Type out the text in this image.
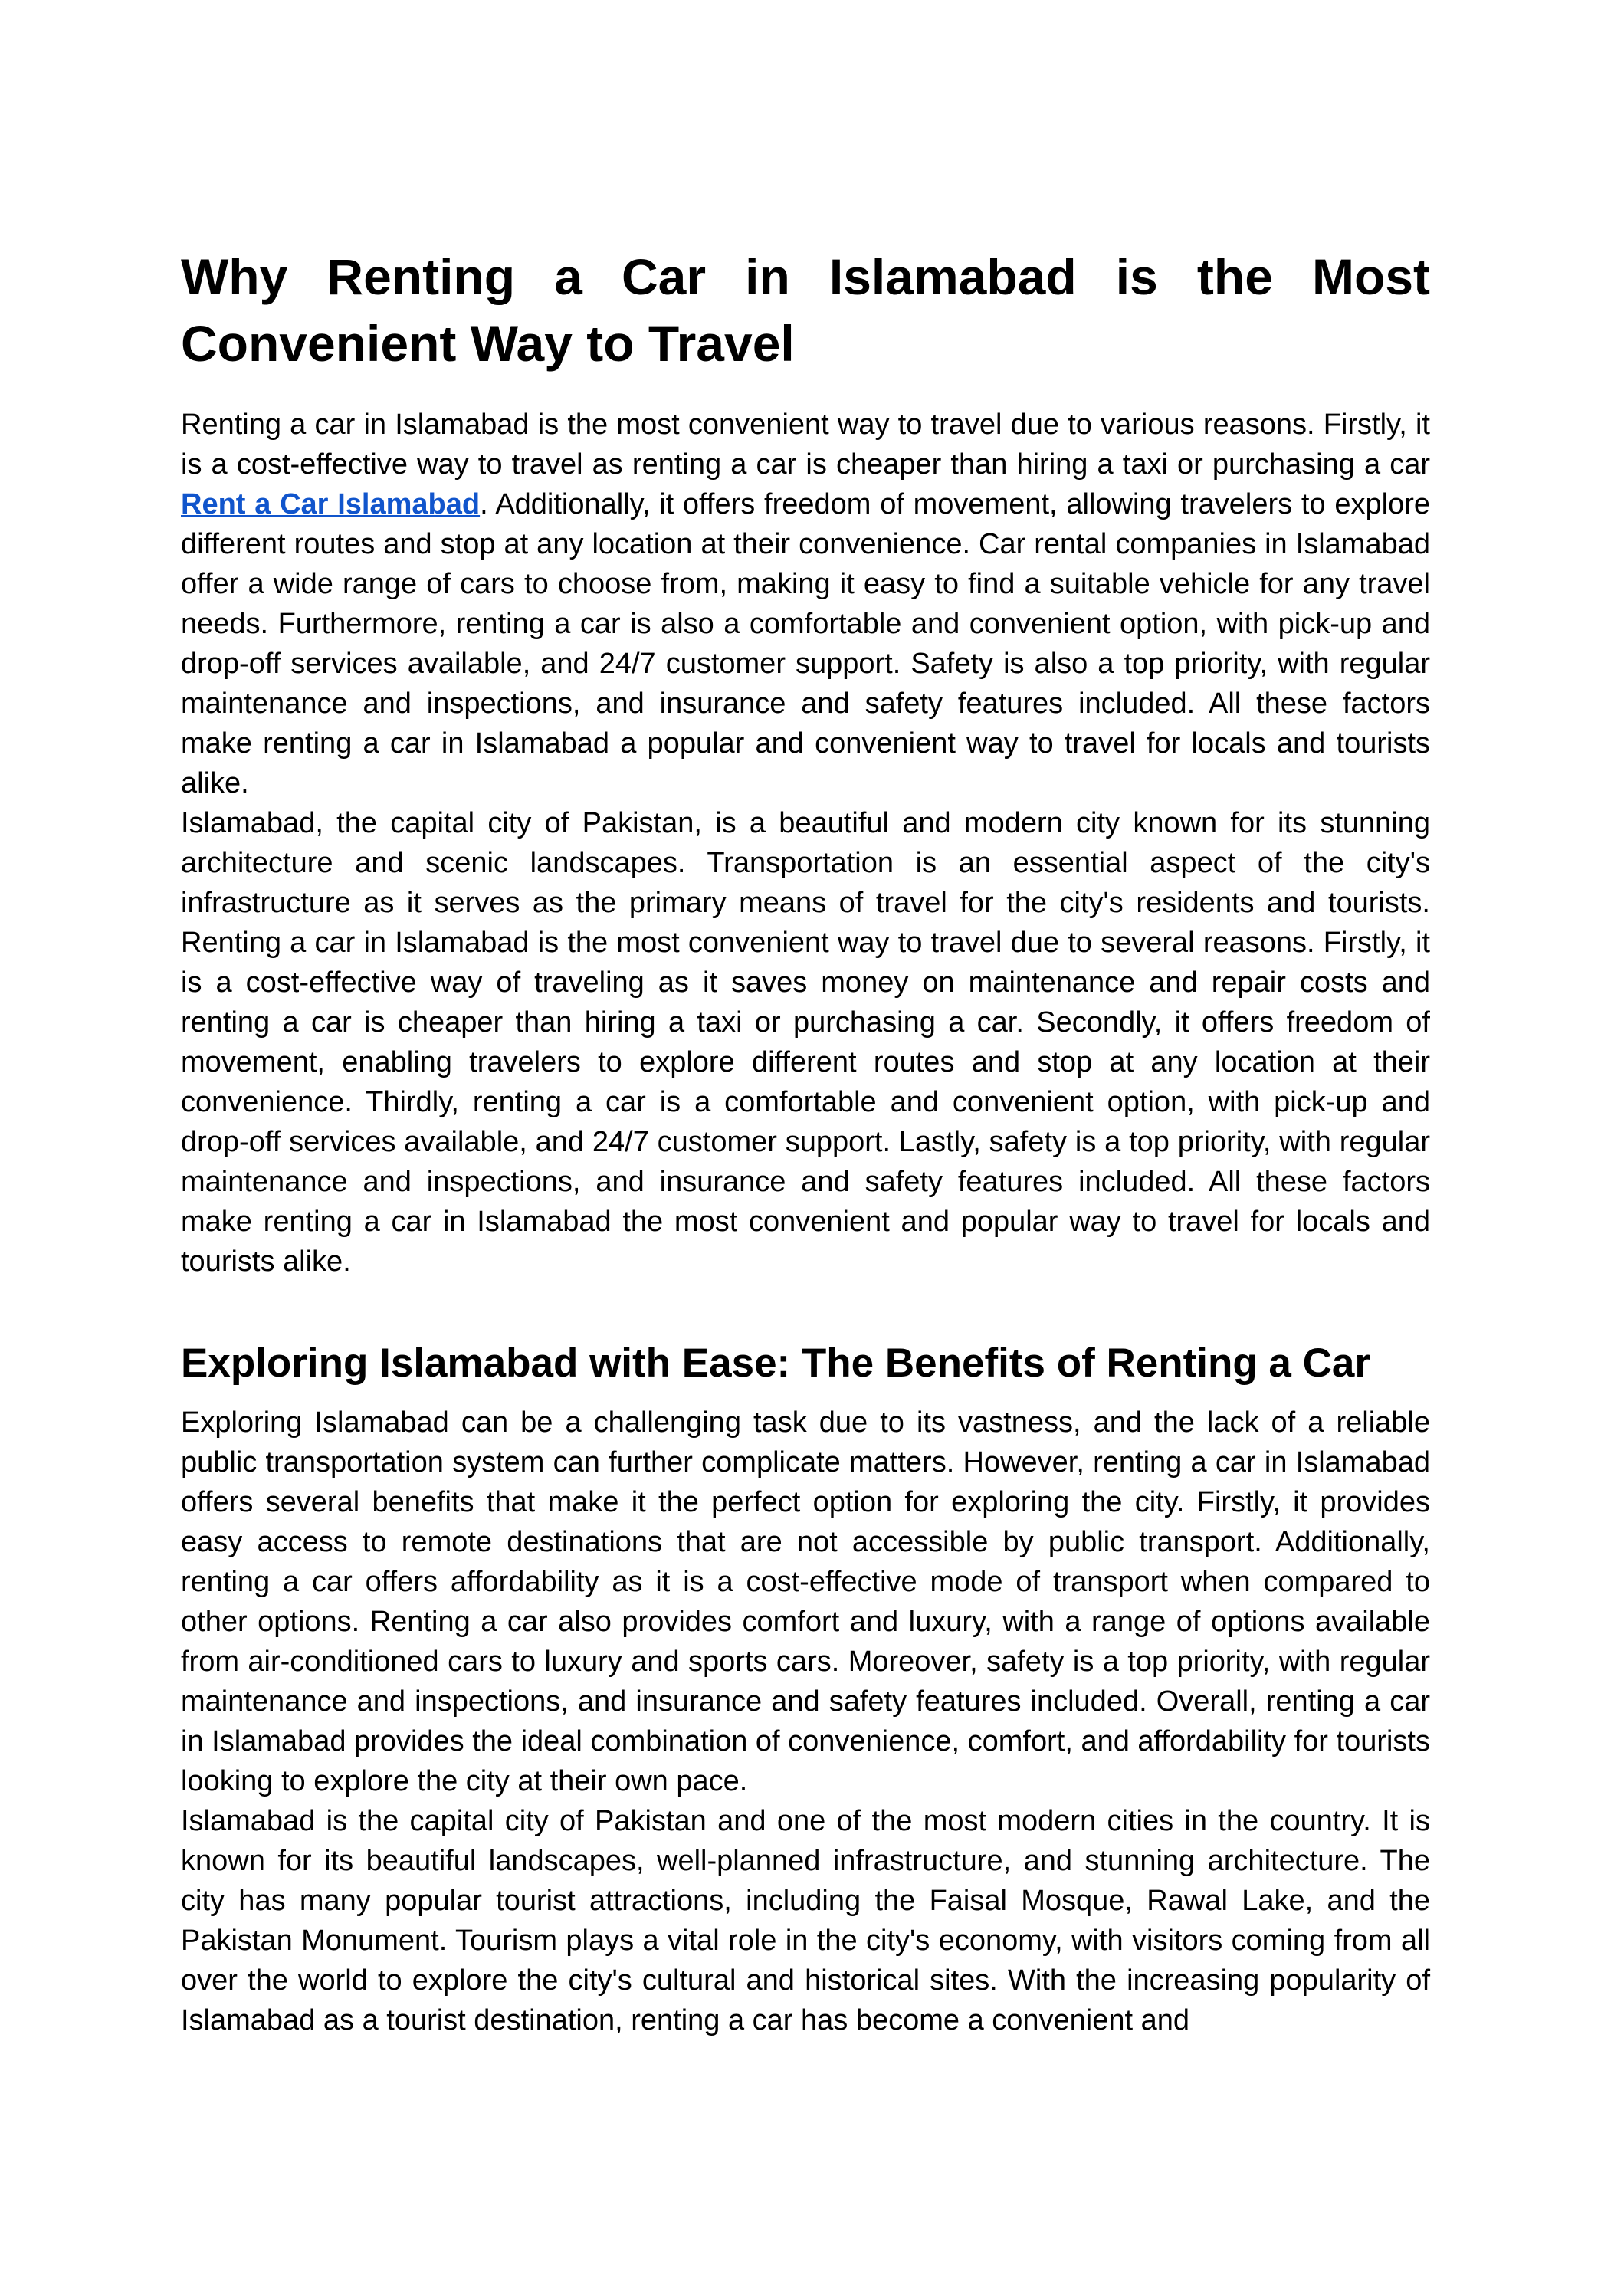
Why Renting a Car in Islamabad is the Most Convenient Way to Travel

Renting a car in Islamabad is the most convenient way to travel due to various reasons. Firstly, it is a cost-effective way to travel as renting a car is cheaper than hiring a taxi or purchasing a car Rent a Car Islamabad. Additionally, it offers freedom of movement, allowing travelers to explore different routes and stop at any location at their convenience. Car rental companies in Islamabad offer a wide range of cars to choose from, making it easy to find a suitable vehicle for any travel needs. Furthermore, renting a car is also a comfortable and convenient option, with pick-up and drop-off services available, and 24/7 customer support. Safety is also a top priority, with regular maintenance and inspections, and insurance and safety features included. All these factors make renting a car in Islamabad a popular and convenient way to travel for locals and tourists alike.

Islamabad, the capital city of Pakistan, is a beautiful and modern city known for its stunning architecture and scenic landscapes. Transportation is an essential aspect of the city's infrastructure as it serves as the primary means of travel for the city's residents and tourists. Renting a car in Islamabad is the most convenient way to travel due to several reasons. Firstly, it is a cost-effective way of traveling as it saves money on maintenance and repair costs and renting a car is cheaper than hiring a taxi or purchasing a car. Secondly, it offers freedom of movement, enabling travelers to explore different routes and stop at any location at their convenience. Thirdly, renting a car is a comfortable and convenient option, with pick-up and drop-off services available, and 24/7 customer support. Lastly, safety is a top priority, with regular maintenance and inspections, and insurance and safety features included. All these factors make renting a car in Islamabad the most convenient and popular way to travel for locals and tourists alike.

Exploring Islamabad with Ease: The Benefits of Renting a Car

Exploring Islamabad can be a challenging task due to its vastness, and the lack of a reliable public transportation system can further complicate matters. However, renting a car in Islamabad offers several benefits that make it the perfect option for exploring the city. Firstly, it provides easy access to remote destinations that are not accessible by public transport. Additionally, renting a car offers affordability as it is a cost-effective mode of transport when compared to other options. Renting a car also provides comfort and luxury, with a range of options available from air-conditioned cars to luxury and sports cars. Moreover, safety is a top priority, with regular maintenance and inspections, and insurance and safety features included. Overall, renting a car in Islamabad provides the ideal combination of convenience, comfort, and affordability for tourists looking to explore the city at their own pace.

Islamabad is the capital city of Pakistan and one of the most modern cities in the country. It is known for its beautiful landscapes, well-planned infrastructure, and stunning architecture. The city has many popular tourist attractions, including the Faisal Mosque, Rawal Lake, and the Pakistan Monument. Tourism plays a vital role in the city's economy, with visitors coming from all over the world to explore the city's cultural and historical sites. With the increasing popularity of Islamabad as a tourist destination, renting a car has become a convenient and
